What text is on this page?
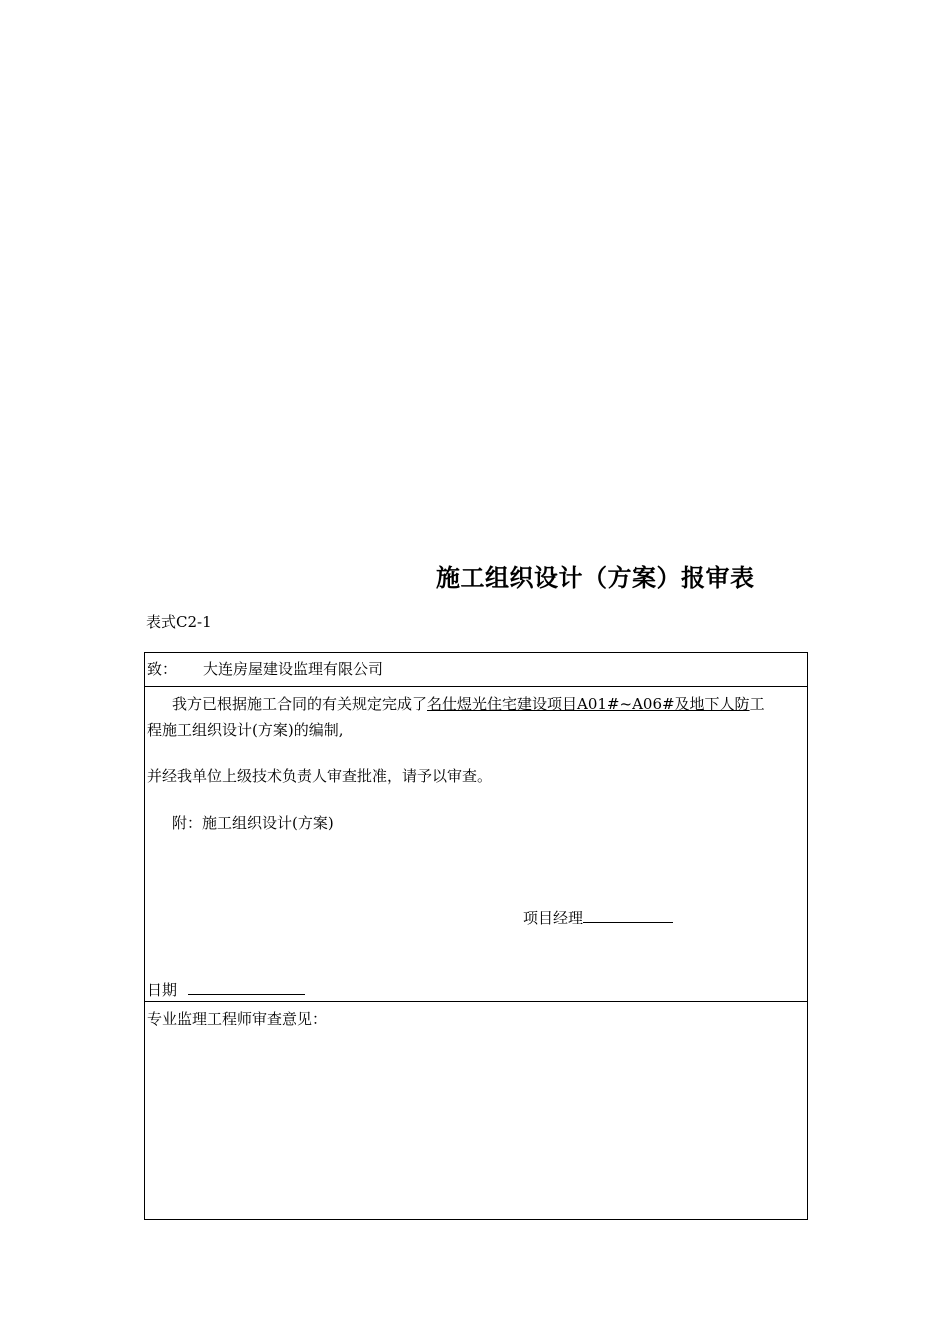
施工组织设计（方案）报审表
表式C2-1
致： 大连房屋建设监理有限公司
我方已根据施工合同的有关规定完成了名仕煜光住宅建设项目A01#~A06#及地下人防工
程施工组织设计(方案)的编制,
并经我单位上级技术负责人审查批准，请予以审查。
附：施工组织设计(方案)
项目经理
日期
专业监理工程师审查意见：
